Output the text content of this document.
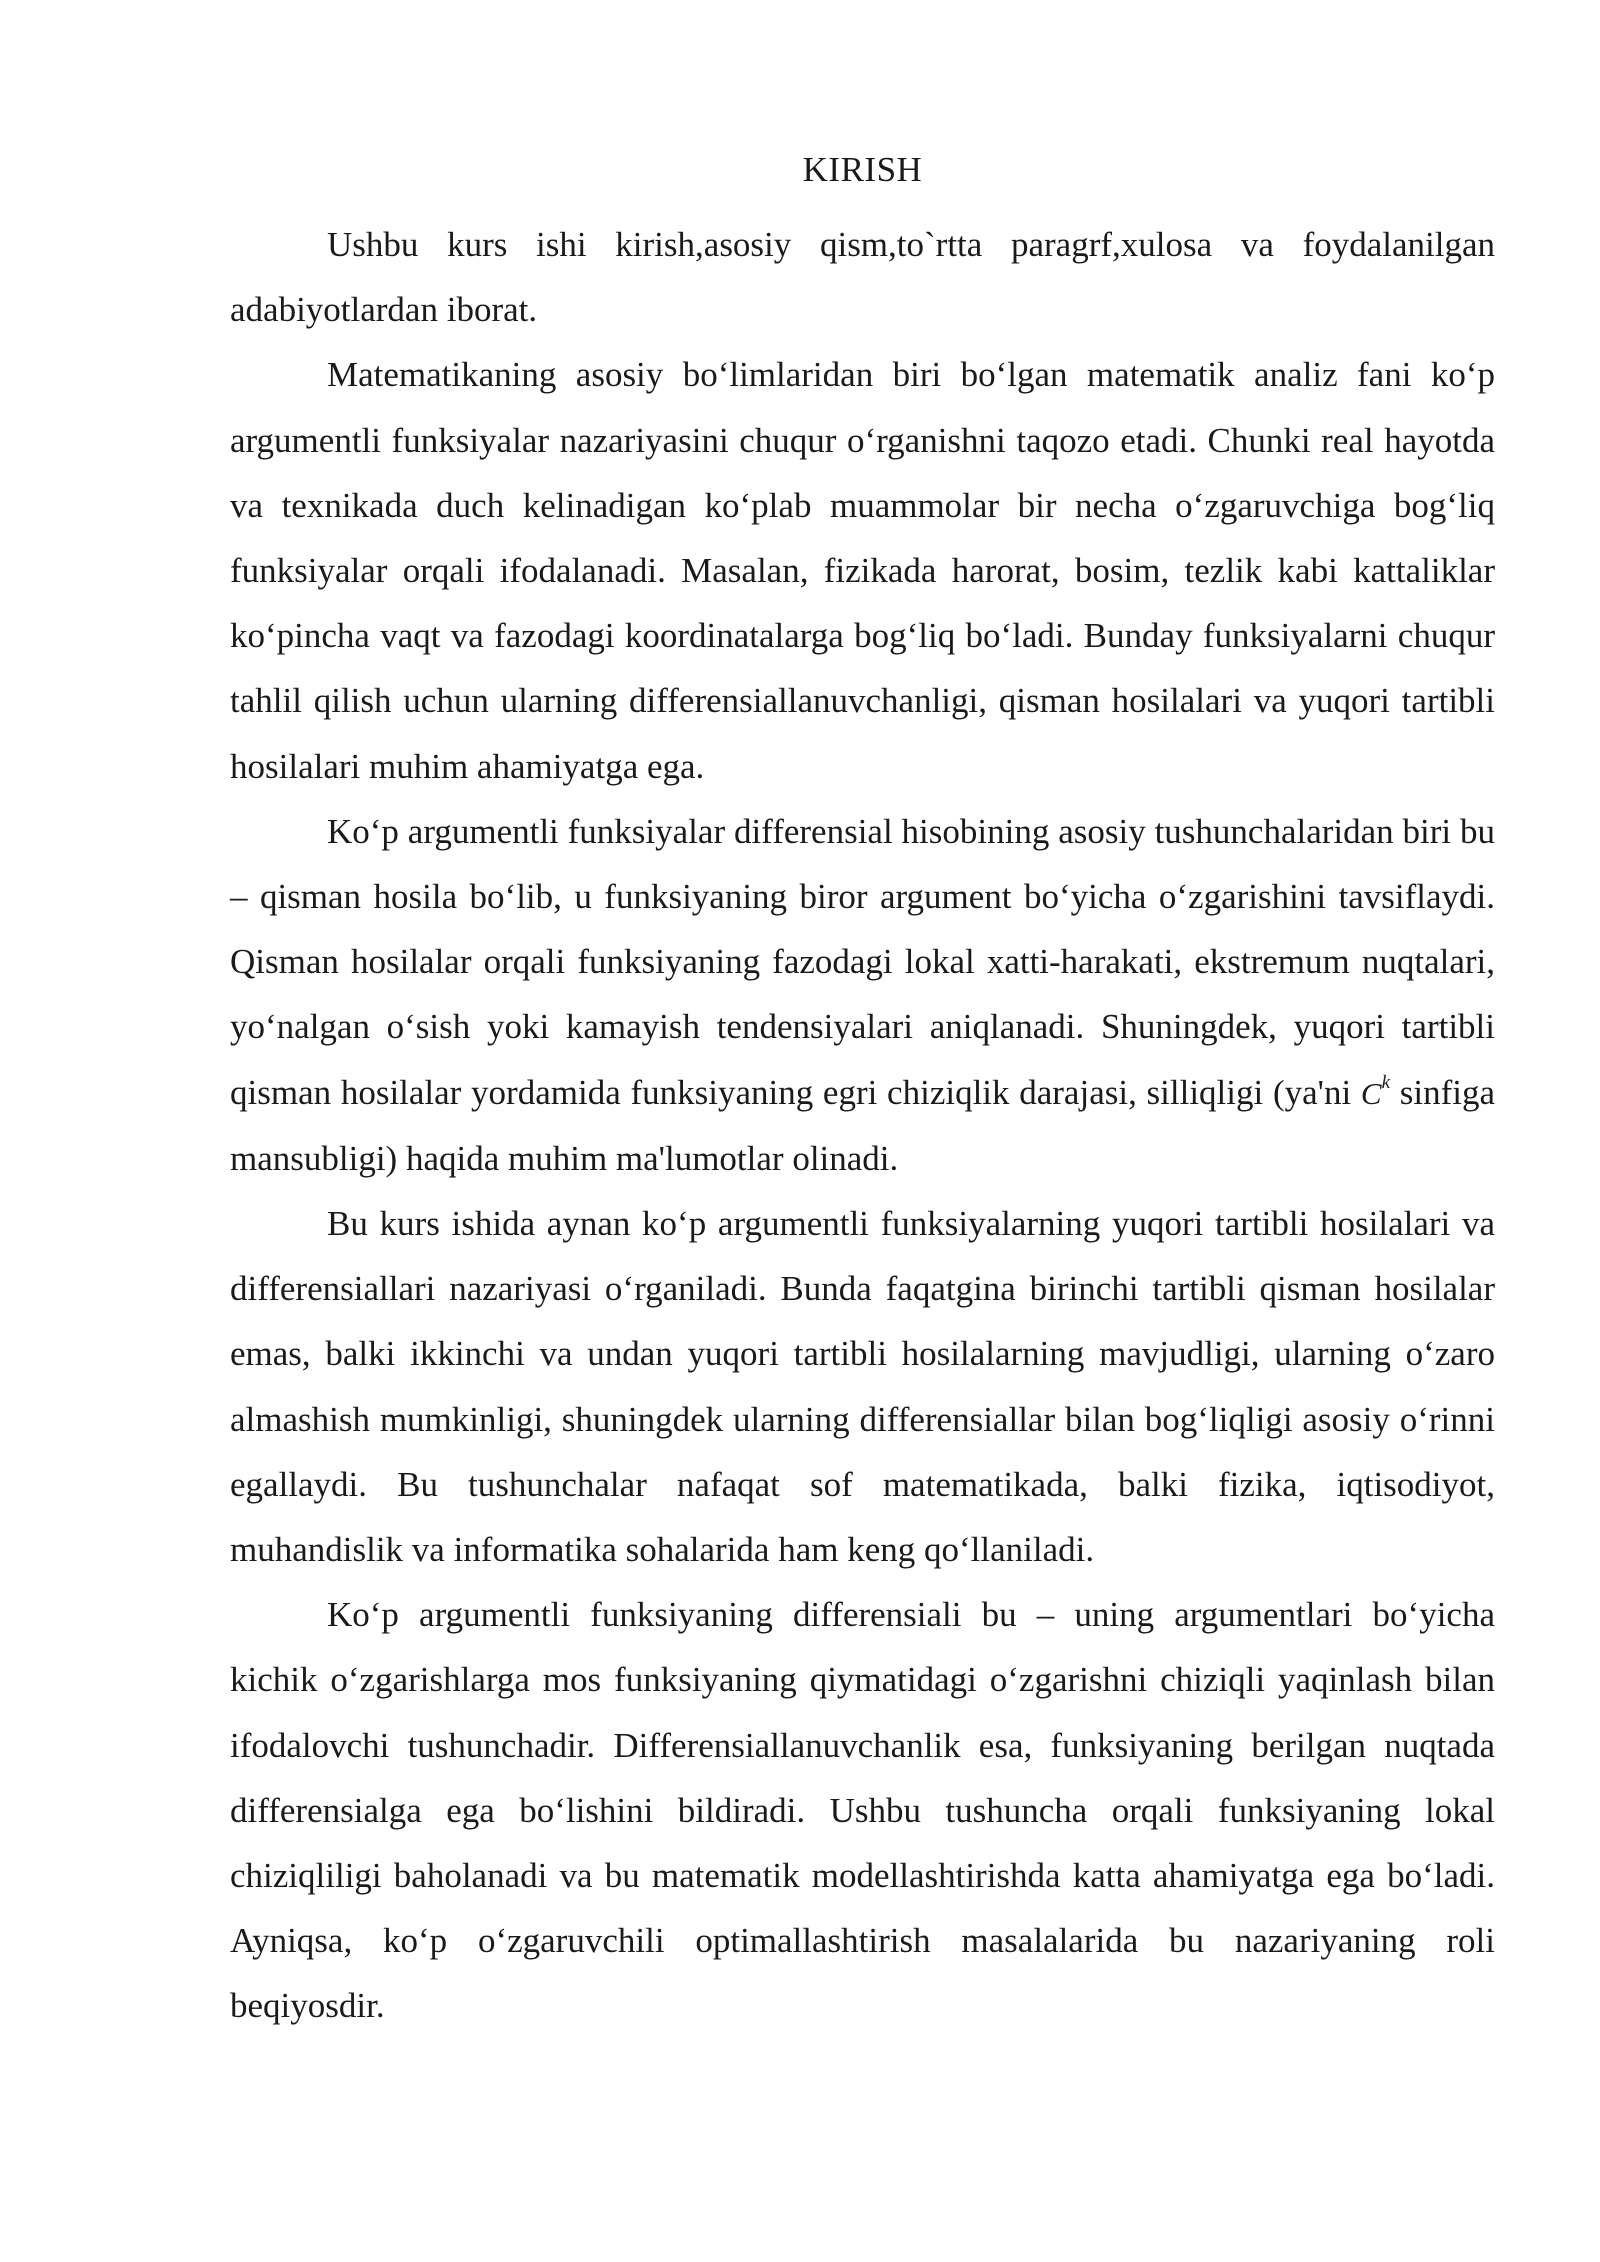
KIRISH

Ushbu kurs ishi kirish,asosiy qism,to`rtta paragrf,xulosa va foydalanilgan adabiyotlardan iborat.

Matematikaning asosiy bo‘limlaridan biri bo‘lgan matematik analiz fani ko‘p argumentli funksiyalar nazariyasini chuqur o‘rganishni taqozo etadi. Chunki real hayotda va texnikada duch kelinadigan ko‘plab muammolar bir necha o‘zgaruvchiga bog‘liq funksiyalar orqali ifodalanadi. Masalan, fizikada harorat, bosim, tezlik kabi kattaliklar ko‘pincha vaqt va fazodagi koordinatalarga bog‘liq bo‘ladi. Bunday funksiyalarni chuqur tahlil qilish uchun ularning differensiallanuvchanligi, qisman hosilalari va yuqori tartibli hosilalari muhim ahamiyatga ega.

Ko‘p argumentli funksiyalar differensial hisobining asosiy tushunchalaridan biri bu – qisman hosila bo‘lib, u funksiyaning biror argument bo‘yicha o‘zgarishini tavsiflaydi. Qisman hosilalar orqali funksiyaning fazodagi lokal xatti-harakati, ekstremum nuqtalari, yo‘nalgan o‘sish yoki kamayish tendensiyalari aniqlanadi. Shuningdek, yuqori tartibli qisman hosilalar yordamida funksiyaning egri chiziqlik darajasi, silliqligi (ya'ni $C^k$ sinfiga mansubligi) haqida muhim ma'lumotlar olinadi.

Bu kurs ishida aynan ko‘p argumentli funksiyalarning yuqori tartibli hosilalari va differensiallari nazariyasi o‘rganiladi. Bunda faqatgina birinchi tartibli qisman hosilalar emas, balki ikkinchi va undan yuqori tartibli hosilalarning mavjudligi, ularning o‘zaro almashish mumkinligi, shuningdek ularning differensiallar bilan bog‘liqligi asosiy o‘rinni egallaydi. Bu tushunchalar nafaqat sof matematikada, balki fizika, iqtisodiyot, muhandislik va informatika sohalarida ham keng qo‘llaniladi.

Ko‘p argumentli funksiyaning differensiali bu – uning argumentlari bo‘yicha kichik o‘zgarishlarga mos funksiyaning qiymatidagi o‘zgarishni chiziqli yaqinlash bilan ifodalovchi tushunchadir. Differensiallanuvchanlik esa, funksiyaning berilgan nuqtada differensialga ega bo‘lishini bildiradi. Ushbu tushuncha orqali funksiyaning lokal chiziqliligi baholanadi va bu matematik modellashtirishda katta ahamiyatga ega bo‘ladi. Ayniqsa, ko‘p o‘zgaruvchili optimallashtirish masalalarida bu nazariyaning roli beqiyosdir.
